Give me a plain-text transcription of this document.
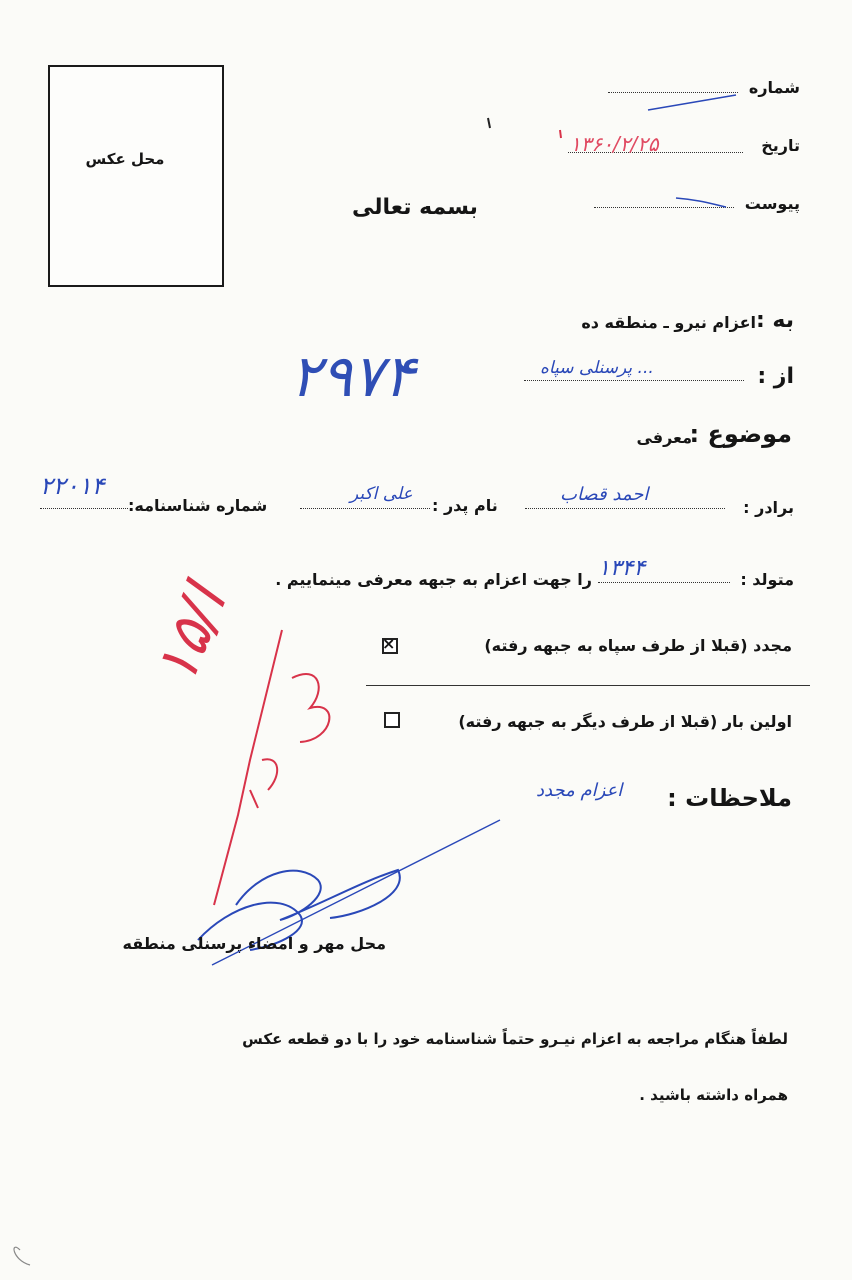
محل عکس
شماره
تاریخ
۱۳۶۰/۲/۲۵
پیوست
بسمه تعالی
به :
اعزام نیرو ـ منطقه ده
از :
پرسنلی سپاه ...
۲۹۷۴
موضوع :
معرفی
برادر :
احمد قصاب
نام پدر :
علی اکبر
شماره شناسنامه:
۲۲۰۱۴
متولد :
۱۳۴۴
را جهت اعزام به جبهه معرفی مینماییم .
مجدد (قبلا از طرف سپاه به جبهه رفته)
×
اولین بار (قبلا از طرف دیگر به جبهه رفته)
ملاحظات :
اعزام مجدد
۱۵/ا
محل مهر و امضاء پرسنلی منطقه
لطفاً هنگام مراجعه به اعزام نیـرو حتماً شناسنامه خود را با دو قطعه عکس
همراه داشته باشید .
